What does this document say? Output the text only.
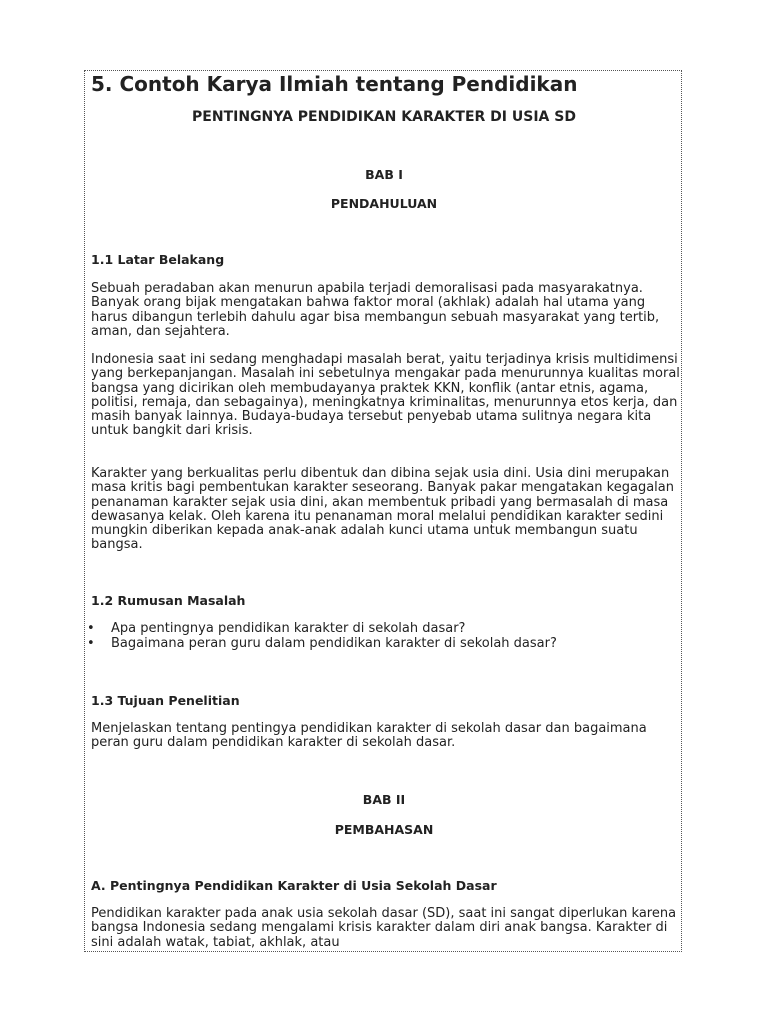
5. Contoh Karya Ilmiah tentang Pendidikan
PENTINGNYA PENDIDIKAN KARAKTER DI USIA SD

BAB I

PENDAHULUAN

1.1 Latar Belakang

Sebuah peradaban akan menurun apabila terjadi demoralisasi pada masyarakatnya. Banyak orang bijak mengatakan bahwa faktor moral (akhlak) adalah hal utama yang harus dibangun terlebih dahulu agar bisa membangun sebuah masyarakat yang tertib, aman, dan sejahtera.

Indonesia saat ini sedang menghadapi masalah berat, yaitu terjadinya krisis multidimensi yang berkepanjangan. Masalah ini sebetulnya mengakar pada menurunnya kualitas moral bangsa yang dicirikan oleh membudayanya praktek KKN, konflik (antar etnis, agama, politisi, remaja, dan sebagainya), meningkatnya kriminalitas, menurunnya etos kerja, dan masih banyak lainnya. Budaya-budaya tersebut penyebab utama sulitnya negara kita untuk bangkit dari krisis.

Karakter yang berkualitas perlu dibentuk dan dibina sejak usia dini. Usia dini merupakan masa kritis bagi pembentukan karakter seseorang. Banyak pakar mengatakan kegagalan penanaman karakter sejak usia dini, akan membentuk pribadi yang bermasalah di masa dewasanya kelak. Oleh karena itu penanaman moral melalui pendidikan karakter sedini mungkin diberikan kepada anak-anak adalah kunci utama untuk membangun suatu bangsa.

1.2 Rumusan Masalah
• Apa pentingnya pendidikan karakter di sekolah dasar?
• Bagaimana peran guru dalam pendidikan karakter di sekolah dasar?
1.3 Tujuan Penelitian

Menjelaskan tentang pentingya pendidikan karakter di sekolah dasar dan bagaimana peran guru dalam pendidikan karakter di sekolah dasar.

BAB II

PEMBAHASAN

A. Pentingnya Pendidikan Karakter di Usia Sekolah Dasar

Pendidikan karakter pada anak usia sekolah dasar (SD), saat ini sangat diperlukan karena bangsa Indonesia sedang mengalami krisis karakter dalam diri anak bangsa. Karakter di sini adalah watak, tabiat, akhlak, atau
